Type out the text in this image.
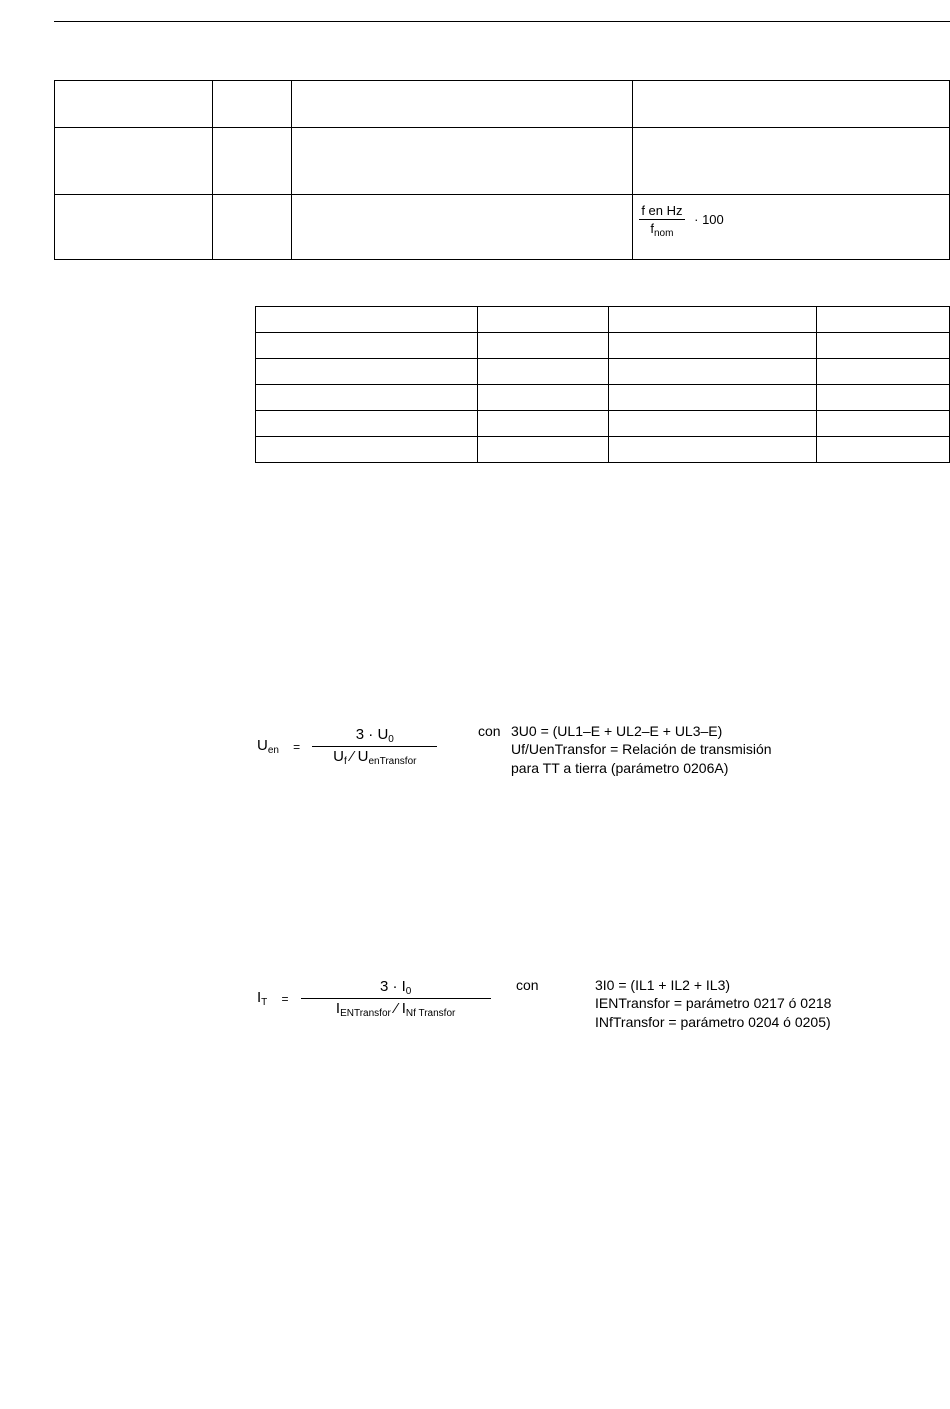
			$\frac{\text{f en Hz}}{f_{nom}} \cdot 100$

$U_{en} = \frac{3 \cdot U_0}{U_f ⁄ U_{enTransfor}}$	con 3U0 = (UL1–E + UL2–E + UL3–E)
Uf/UenTransfor = Relación de transmisión
para TT a tierra (parámetro 0206A)
$I_T = \frac{3 \cdot I_0}{I_{ENTransfor} ⁄ I_{Nf Transfor}}$ con	3I0 = (IL1 + IL2 + IL3)
IENTransfor = parámetro 0217 ó 0218
INfTransfor = parámetro 0204 ó 0205)
